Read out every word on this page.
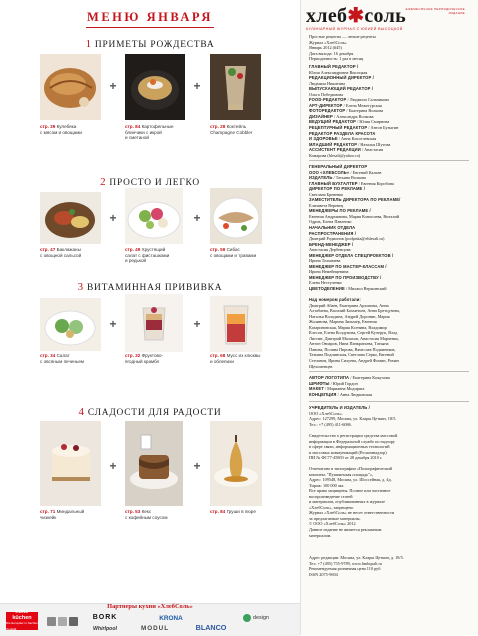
МЕНЮ ЯНВАРЯ
1 ПРИМЕТЫ РОЖДЕСТВА
+	+
стр. 39 Кулебяка
с мясом и овощами
стр. 84 Картофельные
блинчики с икрой
и сметаной
стр. 28 Коктейль
Champagne Cobbler
2 ПРОСТО И ЛЕГКО
+	+
стр. 47 Баклажаны
с овощной сальсой
стр. 49 Хрустящий
салат с фисташками
и редькой
стр. 59 Сибас
с овощами и травами
3 ВИТАМИННАЯ ПРИВИВКА
+	+
стр. 34 Салат
с овсяным печеньем
стр. 32 Фруктово-
ягодный крамбл
стр. 68 Мусс из клюквы
и облепихи
4 СЛАДОСТИ ДЛЯ РАДОСТИ
+	+
стр. 71 Миндальный
чизкейк
стр. 53 Кекс
с кофейным соусом
стр. 84 Груши в пюре
Партнеры кухни «ХлебСоль»
nolte
küchen
Die Europäer in Sachen Qualität
BORK
Whirlpool
KRONA
MODUL	BLANCO
design
хлеб✱соль
КУЛИНАРНЫЙ ЖУРНАЛ С ЮЛИЕЙ ВЫСОЦКОЙ
ЕЖЕМЕСЯЧНОЕ ПЕРИОДИЧЕСКОЕ ИЗДАНИЕ
Простые рецепты — легкие рецепты
Журнал «ХлебСоль»
Январь 2012 (#45)
Дата выхода: 16 декабря
Периодичность: 1 раз в месяц
ГЛАВНЫЙ РЕДАКТОР /
Юлия Александровна Высоцкая
РЕДАКЦИОННЫЙ ДИРЕКТОР /
Людмила Никитина
ВЫПУСКАЮЩИЙ РЕДАКТОР /
Ольга Победимова
FOOD-РЕДАКТОР / Людмила Сальникова
АРТ-ДИРЕКТОР / Елена Межегурская
ФОТОРЕДАКТОР / Екатерина Волкова
ДИЗАЙНЕР / Александра Волкова
ВЕДУЩИЙ РЕДАКТОР / Юлия Смирнова
РЕЦЕПТУРНЫЙ РЕДАКТОР / Антон Бузыгин
РЕДАКТОР РАЗДЕЛА КРАСОТА
И ЗДОРОВЬЕ / Анна Кисселевская
МЛАДШИЙ РЕДАКТОР / Наталья Шутова
АССИСТЕНТ РЕДАКЦИИ / Анастасия
Комарова (hlesalt@yahoo.ru)
ГЕНЕРАЛЬНЫЙ ДИРЕКТОР
ООО «ХЛЕБСОЛЬ» / Евгений Кальев
ИЗДАТЕЛЬ / Татьяна Волкова
ГЛАВНЫЙ БУХГАЛТЕР / Евгения Коробова
ДИРЕКТОР ПО РЕКЛАМЕ /
Светлана Бревенко
ЗАМЕСТИТЕЛЬ ДИРЕКТОРА ПО РЕКЛАМЕ/
Елизавета Веревец
МЕНЕДЖЕРЫ ПО РЕКЛАМЕ /
Евгения Андриянова, Мария Коноплева, Виталий
Одров, Елена Павленко
НАЧАЛЬНИК ОТДЕЛА
РАСПРОСТРАНЕНИЯ /
Дмитрий Родионов (podpiska@ehlesalt.ru)
БРЕНД-МЕНЕДЖЕР /
Анастасия Дербенцова
МЕНЕДЖЕР ОТДЕЛА СПЕЦПРОЕКТОВ /
Ирина Толмачева
МЕНЕДЖЕР ПО МАСТЕР-КЛАССАМ /
Ирина Немейнцевина
МЕНЕДЖЕР ПО ПРОИЗВОДСТВУ /
Елена Нестуленко
ЦВЕТОДЕЛЕНИЕ / Михаил Вержинский
Над номером работали:
Дмитрий Абаев, Екатерина Архипова, Анна
Алтабаева, Василий Бахметьев, Анна Бретцунова,
Наталья Володина, Андрей Доронин, Мария
Жолинова, Марина Зильмер, Евгения
Казариновская, Мария Ксенина, Владимир
Клесов, Елена Колдунова, Сергей Кучерук, Влад
Листин, Дмитрий Малахов, Анастасия Марченко,
Антон Овчаров, Нина Панкратьева, Татьяна
Панова, Полина Пирова, Вячеслав Подпиенков,
Татьяна Подпинская, Светлана Серко, Евгений
Степанов, Ирина Силуева, Андрей Фомин, Роман
Щеломенцев
АВТОР ЛОГОТИПА / Екатерина Кожухова
ШРИФТЫ / Юрий Гордон
МАКЕТ / Марианна Модиряга
КОНЦЕПЦИЯ / Анна Людковская
УЧРЕДИТЕЛЬ И ИЗДАТЕЛЬ /
ООО «ХлебСоль».
Адрес: 127299, Москва, ул. Клары Цеткин, 18/5.
Тел.: +7 (495) 411-6086.
Свидетельство о регистрации средства массовой
информации в Федеральной службе по надзору
в сфере связи, информационных технологий
и массовых коммуникаций (Роскомнадзор)
ПИ № ФС77-45803 от 28 декабря 2010 г.
Отпечатано в типографии «Полиграфический
комплекс "Пушкинская площадь"»,
Адрес: 109548, Москва, ул. Шоссейная, д. 4д.
Тираж: 100 000 экз.
Все права защищены. Полное или частичное
воспроизведение статей
и материалов, опубликованных в журнале
«ХлебСоль», запрещено.
Журнал «ХлебСоль» не несет ответственности
за предлагаемые материалы.
© ООО «ХлебСоль» 2012
Данное издание не является рекламным
материалом.
Адрес редакции: Москва, ул. Клары Цеткин, д. 18/5.
Тел. +7 (495) 755-9789, www.hmbqsalt.ru
Рекомендуемая розничная цена 110 руб.
ISSN 2075-9694
